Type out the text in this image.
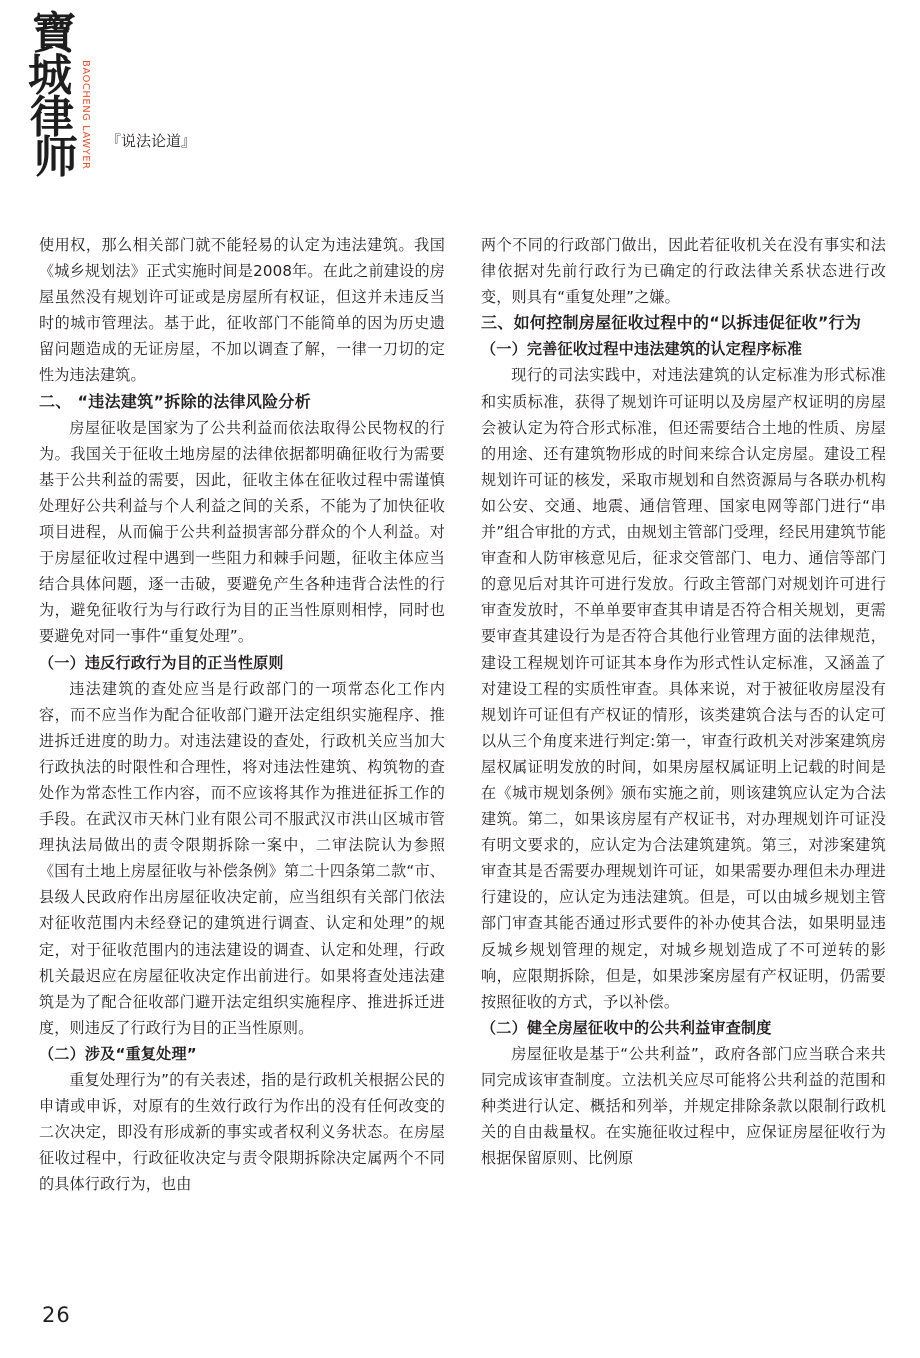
寶
城
律
师 BAOCHENG LAWYER 『说法论道』

使用权，那么相关部门就不能轻易的认定为违法建筑。我国《城乡规划法》正式实施时间是2008年。在此之前建设的房屋虽然没有规划许可证或是房屋所有权证，但这并未违反当时的城市管理法。基于此，征收部门不能简单的因为历史遗留问题造成的无证房屋，不加以调查了解，一律一刀切的定性为违法建筑。

二、 “违法建筑”拆除的法律风险分析

房屋征收是国家为了公共利益而依法取得公民物权的行为。我国关于征收土地房屋的法律依据都明确征收行为需要基于公共利益的需要，因此，征收主体在征收过程中需谨慎处理好公共利益与个人利益之间的关系，不能为了加快征收项目进程，从而偏于公共利益损害部分群众的个人利益。对于房屋征收过程中遇到一些阻力和棘手问题，征收主体应当结合具体问题，逐一击破，要避免产生各种违背合法性的行为，避免征收行为与行政行为目的正当性原则相悖，同时也要避免对同一事件“重复处理”。

（一）违反行政行为目的正当性原则

违法建筑的查处应当是行政部门的一项常态化工作内容，而不应当作为配合征收部门避开法定组织实施程序、推进拆迁进度的助力。对违法建设的查处，行政机关应当加大行政执法的时限性和合理性，将对违法性建筑、构筑物的查处作为常态性工作内容，而不应该将其作为推进征拆工作的手段。在武汉市天林门业有限公司不服武汉市洪山区城市管理执法局做出的责令限期拆除一案中，二审法院认为参照《国有土地上房屋征收与补偿条例》第二十四条第二款“市、县级人民政府作出房屋征收决定前，应当组织有关部门依法对征收范围内未经登记的建筑进行调查、认定和处理”的规定，对于征收范围内的违法建设的调查、认定和处理，行政机关最迟应在房屋征收决定作出前进行。如果将查处违法建筑是为了配合征收部门避开法定组织实施程序、推进拆迁进度，则违反了行政行为目的正当性原则。

（二）涉及“重复处理”

重复处理行为”的有关表述，指的是行政机关根据公民的申请或申诉，对原有的生效行政行为作出的没有任何改变的二次决定，即没有形成新的事实或者权利义务状态。在房屋征收过程中，行政征收决定与责令限期拆除决定属两个不同的具体行政行为，也由

两个不同的行政部门做出，因此若征收机关在没有事实和法律依据对先前行政行为已确定的行政法律关系状态进行改变，则具有“重复处理”之嫌。

三、如何控制房屋征收过程中的“以拆违促征收”行为
（一）完善征收过程中违法建筑的认定程序标准

现行的司法实践中，对违法建筑的认定标准为形式标准和实质标准，获得了规划许可证明以及房屋产权证明的房屋会被认定为符合形式标准，但还需要结合土地的性质、房屋的用途、还有建筑物形成的时间来综合认定房屋。建设工程规划许可证的核发，采取市规划和自然资源局与各联办机构如公安、交通、地震、通信管理、国家电网等部门进行“串并”组合审批的方式，由规划主管部门受理，经民用建筑节能审查和人防审核意见后，征求交管部门、电力、通信等部门的意见后对其许可进行发放。行政主管部门对规划许可进行审查发放时，不单单要审查其申请是否符合相关规划，更需要审查其建设行为是否符合其他行业管理方面的法律规范，建设工程规划许可证其本身作为形式性认定标准，又涵盖了对建设工程的实质性审查。具体来说，对于被征收房屋没有规划许可证但有产权证的情形，该类建筑合法与否的认定可以从三个角度来进行判定:第一，审查行政机关对涉案建筑房屋权属证明发放的时间，如果房屋权属证明上记载的时间是在《城市规划条例》颁布实施之前，则该建筑应认定为合法建筑。第二，如果该房屋有产权证书，对办理规划许可证没有明文要求的，应认定为合法建筑建筑。第三，对涉案建筑审查其是否需要办理规划许可证，如果需要办理但未办理进行建设的，应认定为违法建筑。但是，可以由城乡规划主管部门审查其能否通过形式要件的补办使其合法，如果明显违反城乡规划管理的规定，对城乡规划造成了不可逆转的影响，应限期拆除，但是，如果涉案房屋有产权证明，仍需要按照征收的方式，予以补偿。

（二）健全房屋征收中的公共利益审查制度

房屋征收是基于“公共利益”，政府各部门应当联合来共同完成该审查制度。立法机关应尽可能将公共利益的范围和种类进行认定、概括和列举，并规定排除条款以限制行政机关的自由裁量权。在实施征收过程中，应保证房屋征收行为根据保留原则、比例原

26
